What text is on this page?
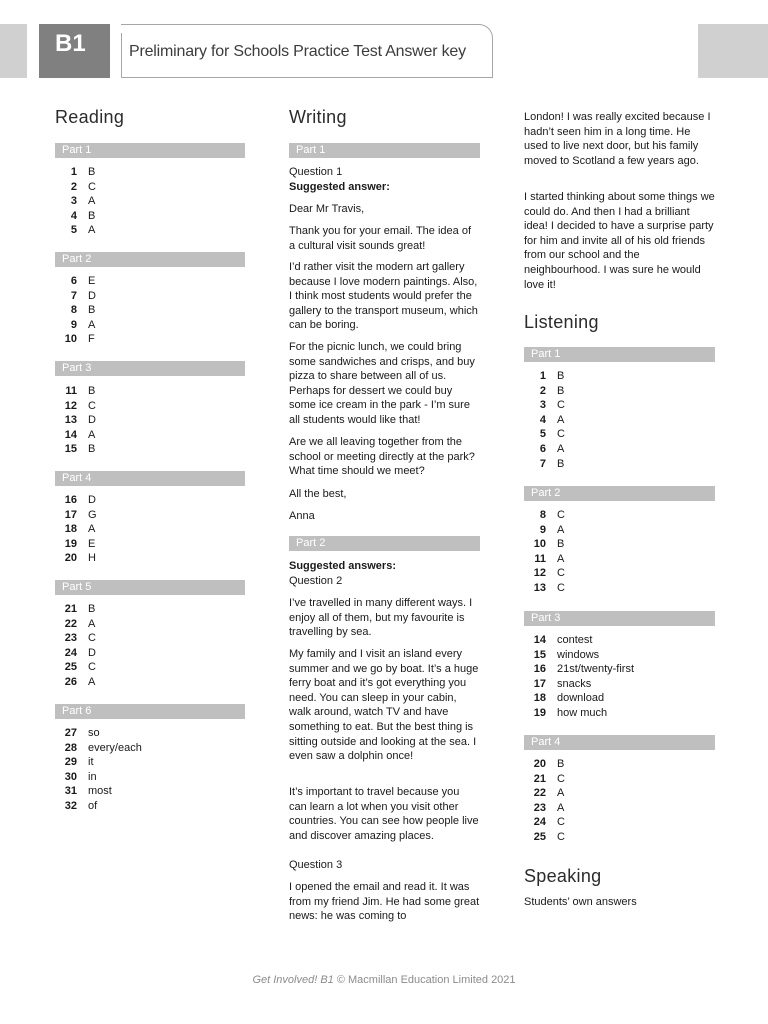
B1	Preliminary for Schools Practice Test Answer key
Reading
Part 1
1 B
2 C
3 A
4 B
5 A
Part 2
6 E
7 D
8 B
9 A
10 F
Part 3
11 B
12 C
13 D
14 A
15 B
Part 4
16 D
17 G
18 A
19 E
20 H
Part 5
21 B
22 A
23 C
24 D
25 C
26 A
Part 6
27 so
28 every/each
29 it
30 in
31 most
32 of
Writing
Part 1
Question 1
Suggested answer:
Dear Mr Travis,
Thank you for your email. The idea of a cultural visit sounds great!
I’d rather visit the modern art gallery because I love modern paintings. Also, I think most students would prefer the gallery to the transport museum, which can be boring.
For the picnic lunch, we could bring some sandwiches and crisps, and buy pizza to share between all of us. Perhaps for dessert we could buy some ice cream in the park - I’m sure all students would like that!
Are we all leaving together from the school or meeting directly at the park? What time should we meet?
All the best,
Anna
Part 2
Suggested answers:
Question 2
I’ve travelled in many different ways. I enjoy all of them, but my favourite is travelling by sea.
My family and I visit an island every summer and we go by boat. It’s a huge ferry boat and it’s got everything you need. You can sleep in your cabin, walk around, watch TV and have something to eat. But the best thing is sitting outside and looking at the sea. I even saw a dolphin once!
It’s important to travel because you can learn a lot when you visit other countries. You can see how people live and discover amazing places.
Question 3
I opened the email and read it. It was from my friend Jim. He had some great news: he was coming to
London! I was really excited because I hadn’t seen him in a long time. He used to live next door, but his family moved to Scotland a few years ago.
I started thinking about some things we could do. And then I had a brilliant idea! I decided to have a surprise party for him and invite all of his old friends from our school and the neighbourhood. I was sure he would love it!
Listening
Part 1
1 B
2 B
3 C
4 A
5 C
6 A
7 B
Part 2
8 C
9 A
10 B
11 A
12 C
13 C
Part 3
14 contest
15 windows
16 21st/twenty-first
17 snacks
18 download
19 how much
Part 4
20 B
21 C
22 A
23 A
24 C
25 C
Speaking
Students’ own answers
Get Involved! B1 © Macmillan Education Limited 2021
